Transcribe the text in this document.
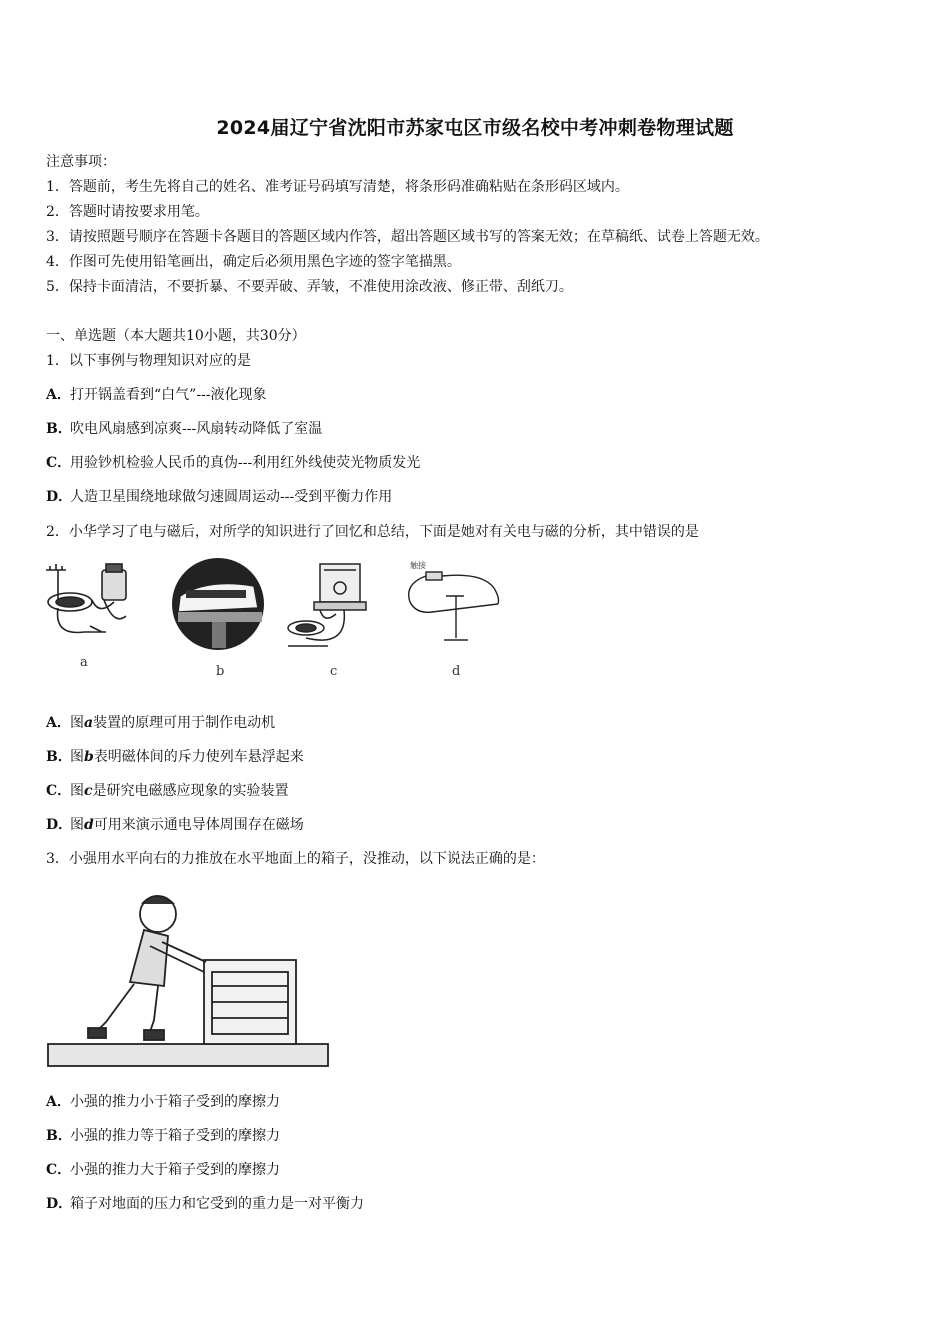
2024届辽宁省沈阳市苏家屯区市级名校中考冲刺卷物理试题
注意事项：
1．答题前，考生先将自己的姓名、准考证号码填写清楚，将条形码准确粘贴在条形码区域内。
2．答题时请按要求用笔。
3．请按照题号顺序在答题卡各题目的答题区域内作答，超出答题区域书写的答案无效；在草稿纸、试卷上答题无效。
4．作图可先使用铅笔画出，确定后必须用黑色字迹的签字笔描黑。
5．保持卡面清洁，不要折暴、不要弄破、弄皱，不准使用涂改液、修正带、刮纸刀。
一、单选题（本大题共10小题，共30分）
1．以下事例与物理知识对应的是
A．打开锅盖看到“白气”---液化现象
B．吹电风扇感到凉爽---风扇转动降低了室温
C．用验钞机检验人民币的真伪---利用红外线使荧光物质发光
D．人造卫星围绕地球做匀速圆周运动---受到平衡力作用
2．小华学习了电与磁后，对所学的知识进行了回忆和总结，下面是她对有关电与磁的分析，其中错误的是
a
b	c
触接
d
A．图a装置的原理可用于制作电动机
B．图b表明磁体间的斥力使列车悬浮起来
C．图c是研究电磁感应现象的实验装置
D．图d可用来演示通电导体周围存在磁场
3．小强用水平向右的力推放在水平地面上的箱子，没推动，以下说法正确的是：
A．小强的推力小于箱子受到的摩擦力
B．小强的推力等于箱子受到的摩擦力
C．小强的推力大于箱子受到的摩擦力
D．箱子对地面的压力和它受到的重力是一对平衡力
